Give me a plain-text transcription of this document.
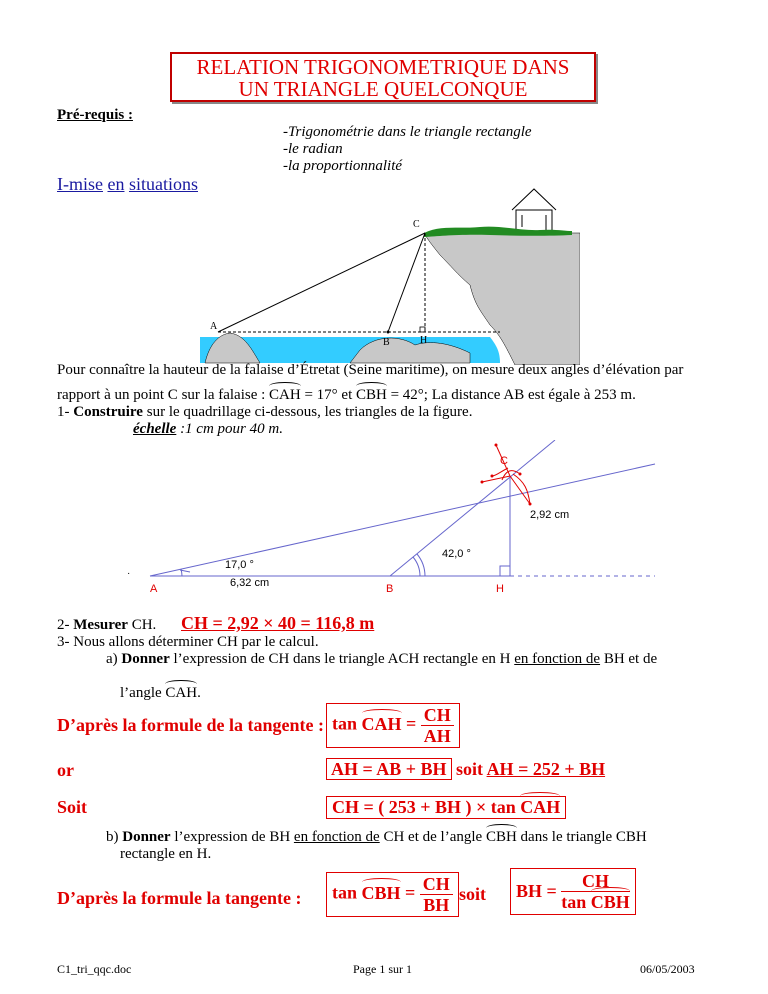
RELATION TRIGONOMETRIQUE DANS
UN TRIANGLE QUELCONQUE
Pré-requis :
-Trigonométrie dans le triangle rectangle
-le radian
-la proportionnalité
I-mise en situations
C
A
B	H
Pour connaître la hauteur de la falaise d’Étretat (Seine maritime), on mesure deux angles d’élévation par
rapport à un point C sur la falaise : CAH = 17° et CBH = 42°; La distance AB est égale à 253 m.
1- Construire sur le quadrillage ci-dessous, les triangles de la figure.
échelle :1 cm pour 40 m.
·
A	B	H
C
17,0 °
42,0 °
6,32 cm
2,92 cm
2- Mesurer CH. CH = 2,92 × 40 = 116,8 m
3- Nous allons déterminer CH par le calcul.
a) Donner l’expression de CH dans le triangle ACH rectangle en H en fonction de BH et de
l’angle CAH.
D’après la formule de la tangente : tan CAH = $\frac{CH}{AH}$
or	AH = AB + BH soit AH = 252 + BH
Soit	CH = ( 253 + BH ) × tan CAH
b) Donner l’expression de BH en fonction de CH et de l’angle CBH dans le triangle CBH
rectangle en H.
D’après la formule la tangente :	tan CBH = $\frac{CH}{BH}$ soit	BH = $\frac{CH}{\text{tan CBH}}$
C1_tri_qqc.doc	Page 1 sur 1	06/05/2003
